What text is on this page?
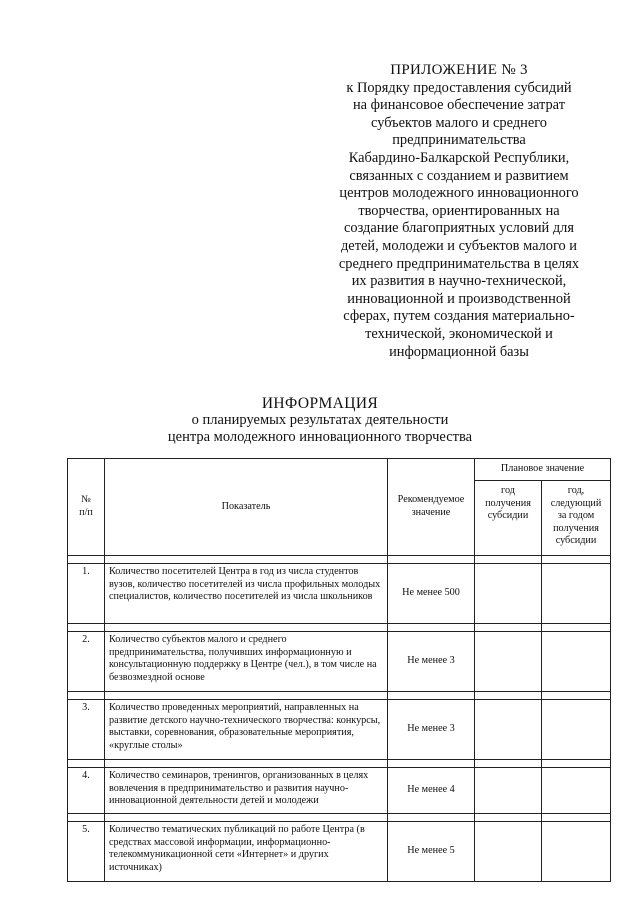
ПРИЛОЖЕНИЕ № 3
к Порядку предоставления субсидий
на финансовое обеспечение затрат
субъектов малого и среднего
предпринимательства
Кабардино-Балкарской Республики,
связанных с созданием и развитием
центров молодежного инновационного
творчества, ориентированных на
создание благоприятных условий для
детей, молодежи и субъектов малого и
среднего предпринимательства в целях
их развития в научно-технической,
инновационной и производственной
сферах, путем создания материально-
технической, экономической и
информационной базы
ИНФОРМАЦИЯ
о планируемых результатах деятельности
центра молодежного инновационного творчества
№ п/п	Показатель	Рекомендуемое значение	Плановое значение	
			год получения субсидии	год, следующий за годом получения субсидии

1.	Количество посетителей Центра в год из числа студентов вузов, количество посетителей из числа профильных молодых специалистов, количество посетителей из числа школьников	Не менее 500		

2.	Количество субъектов малого и среднего предпринимательства, получивших информационную и консультационную поддержку в Центре (чел.), в том числе на безвозмездной основе	Не менее 3		

3.	Количество проведенных мероприятий, направленных на развитие детского научно-технического творчества: конкурсы, выставки, соревнования, образовательные мероприятия, «круглые столы»	Не менее 3		

4.	Количество семинаров, тренингов, организованных в целях вовлечения в предпринимательство и развития научно-инновационной деятельности детей и молодежи	Не менее 4		

5.	Количество тематических публикаций по работе Центра (в средствах массовой информации, информационно-телекоммуникационной сети «Интернет» и других источниках)	Не менее 5		
